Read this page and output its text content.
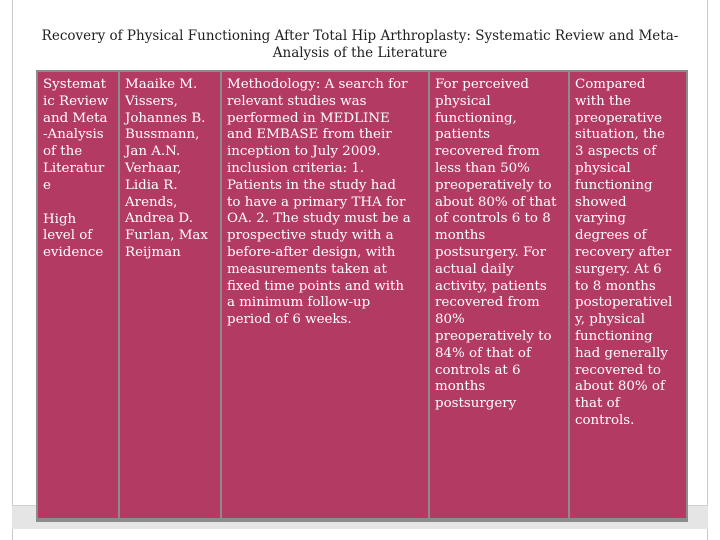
Recovery of Physical Functioning After Total Hip Arthroplasty: Systematic Review and Meta-
Analysis of the Literature
Systemat
ic Review
and Meta
-Analysis
of the
Literatur
e
High
level of
evidence
Maaike M.
Vissers,
Johannes B.
Bussmann,
Jan A.N.
Verhaar,
Lidia R.
Arends,
Andrea D.
Furlan, Max
Reijman
Methodology: A search for
relevant studies was
performed in MEDLINE
and EMBASE from their
inception to July 2009.
inclusion criteria: 1.
Patients in the study had
to have a primary THA for
OA. 2. The study must be a
prospective study with a
before-after design, with
measurements taken at
fixed time points and with
a minimum follow-up
period of 6 weeks.
For perceived
physical
functioning,
patients
recovered from
less than 50%
preoperatively to
about 80% of that
of controls 6 to 8
months
postsurgery. For
actual daily
activity, patients
recovered from
80%
preoperatively to
84% of that of
controls at 6
months
postsurgery
Compared
with the
preoperative
situation, the
3 aspects of
physical
functioning
showed
varying
degrees of
recovery after
surgery. At 6
to 8 months
postoperativel
y, physical
functioning
had generally
recovered to
about 80% of
that of
controls.
